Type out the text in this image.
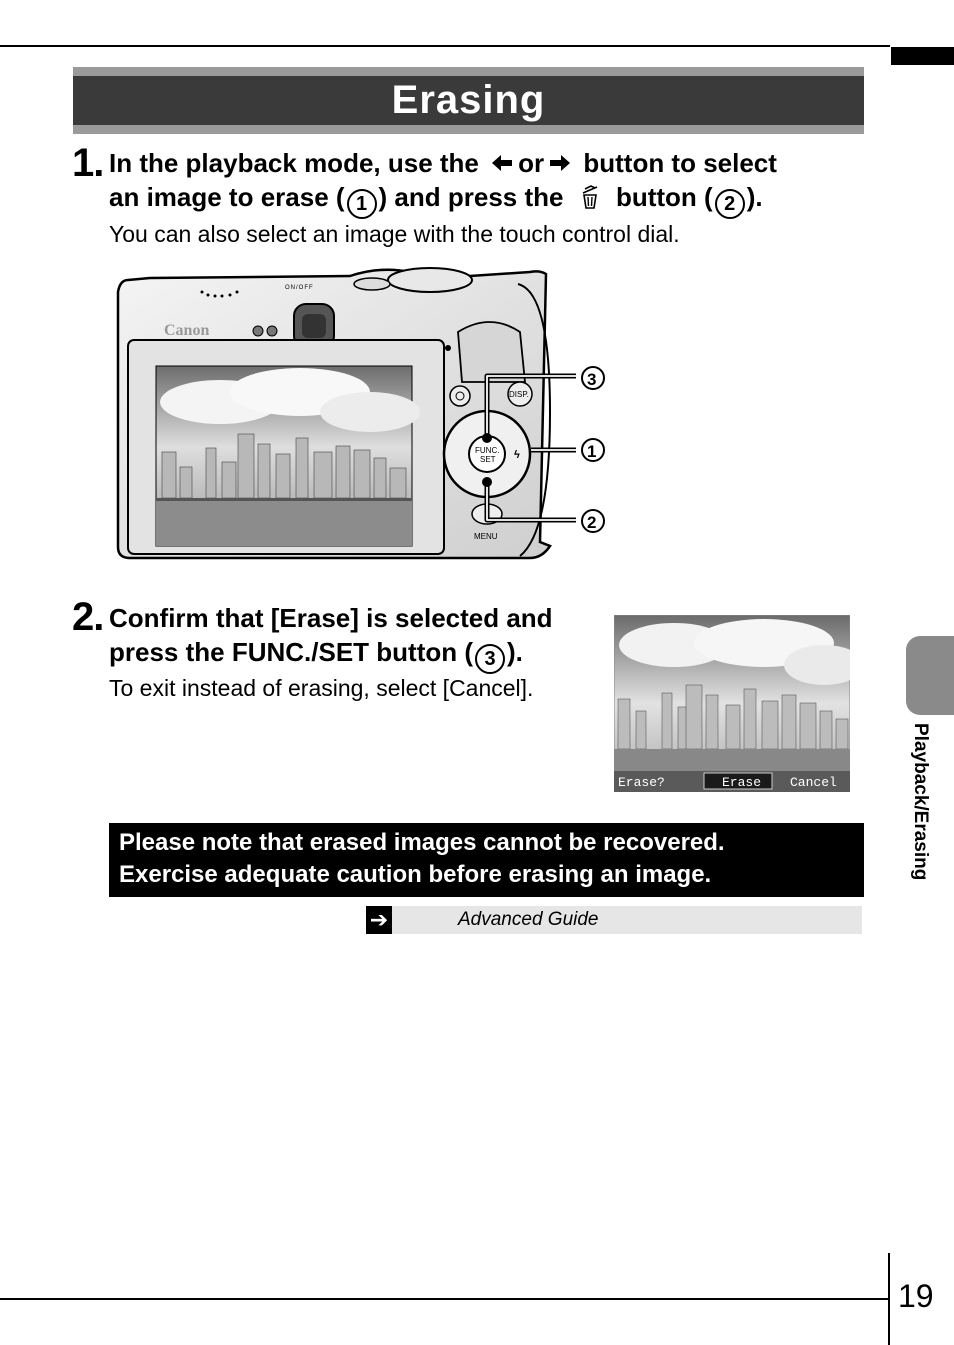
Erasing
1. In the playback mode, use the or button to select
an image to erase ( 1 ) and press the button ( 2 ).
You can also select an image with the touch control dial.
ON/OFF
Canon
DISP.
FUNC.
SET ϟ
MENU
3
1
2
2. Confirm that [Erase] is selected and
press the FUNC./SET button ( 3 ).
To exit instead of erasing, select [Cancel].
Erase?	Erase Cancel
Please note that erased images cannot be recovered.
Exercise adequate caution before erasing an image.
➔	Advanced Guide
Playback/Erasing
19
